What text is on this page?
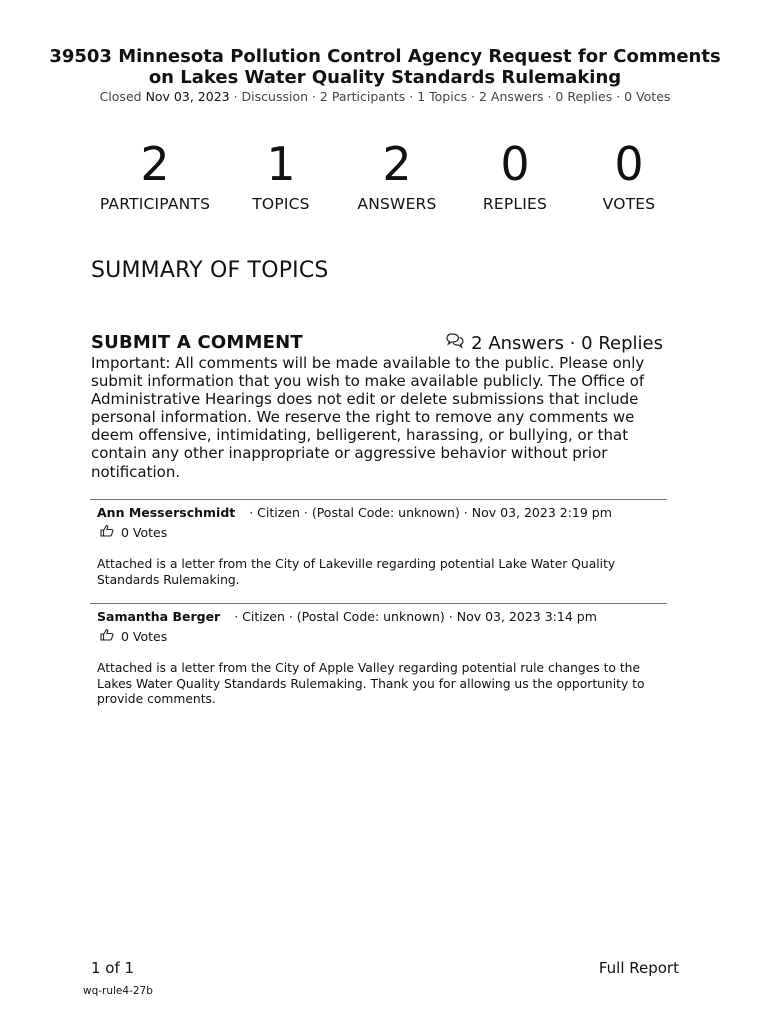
39503 Minnesota Pollution Control Agency Request for Comments on Lakes Water Quality Standards Rulemaking
Closed Nov 03, 2023 · Discussion · 2 Participants · 1 Topics · 2 Answers · 0 Replies · 0 Votes
2
PARTICIPANTS
1
TOPICS
2
ANSWERS
0
REPLIES
0
VOTES
SUMMARY OF TOPICS
SUBMIT A COMMENT	2 Answers · 0 Replies
Important: All comments will be made available to the public. Please only submit information that you wish to make available publicly. The Office of Administrative Hearings does not edit or delete submissions that include personal information. We reserve the right to remove any comments we deem offensive, intimidating, belligerent, harassing, or bullying, or that contain any other inappropriate or aggressive behavior without prior notification.
Ann Messerschmidt · Citizen · (Postal Code: unknown) · Nov 03, 2023 2:19 pm
0 Votes
Attached is a letter from the City of Lakeville regarding potential Lake Water Quality Standards Rulemaking.
Samantha Berger · Citizen · (Postal Code: unknown) · Nov 03, 2023 3:14 pm
0 Votes
Attached is a letter from the City of Apple Valley regarding potential rule changes to the Lakes Water Quality Standards Rulemaking. Thank you for allowing us the opportunity to provide comments.
1 of 1	Full Report
wq-rule4-27b
